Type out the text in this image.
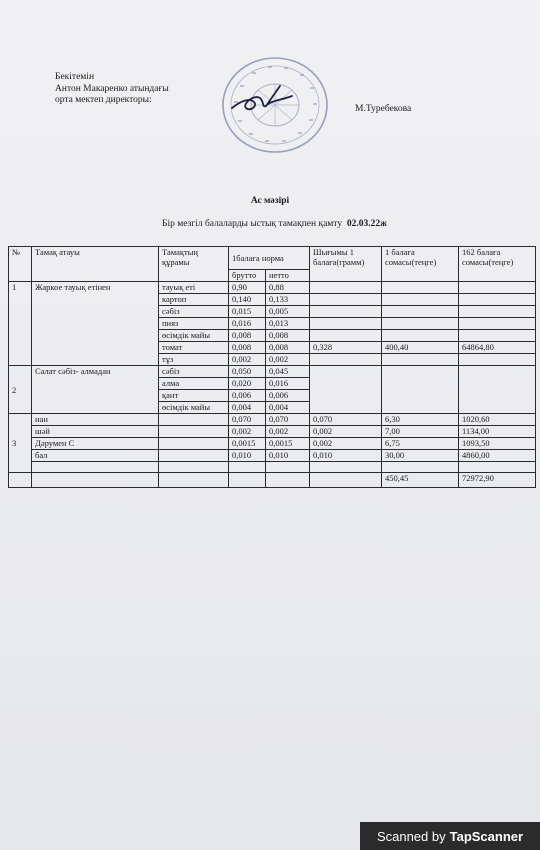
Бекітемін
Антон Макаренко атындағы
орта мектеп директоры:
М.Туребекова
Ас мәзірі
Бір мезгіл балаларды ыстық тамақпен қамту 02.03.22ж
№	Тамақ атауы	Тамақтың құрамы	1балаға норма		Шығымы 1 балаға(грамм)	1 балаға сомасы(теңге)	162 балаға сомасы(теңге)
			брутто	нетто			
1	Жаркое тауық етінен	тауық еті	0,90	0,88			
		картоп	0,140	0,133			
		сәбіз	0,015	0,005			
		пияз	0,016	0,013			
		өсімдік майы	0,008	0,008			
		томат	0,008	0,008	0,328	400,40	64864,80
		тұз	0,002	0,002			
2	Салат сәбіз- алмадан	сәбіз	0,050	0,045			
		алма	0,020	0,016			
		қант	0,006	0,006			
		өсімдік майы	0,004	0,004			
3	нан		0,070	0,070	0,070	6,30	1020,60
	шәй		0,002	0,002	0,002	7,00	1134,00
	Дәрумен С		0,0015	0,0015	0,002	6,75	1093,50
	бал		0,010	0,010	0,010	30,00	4860,00

						450,45	72972,90
Scanned by TapScanner
